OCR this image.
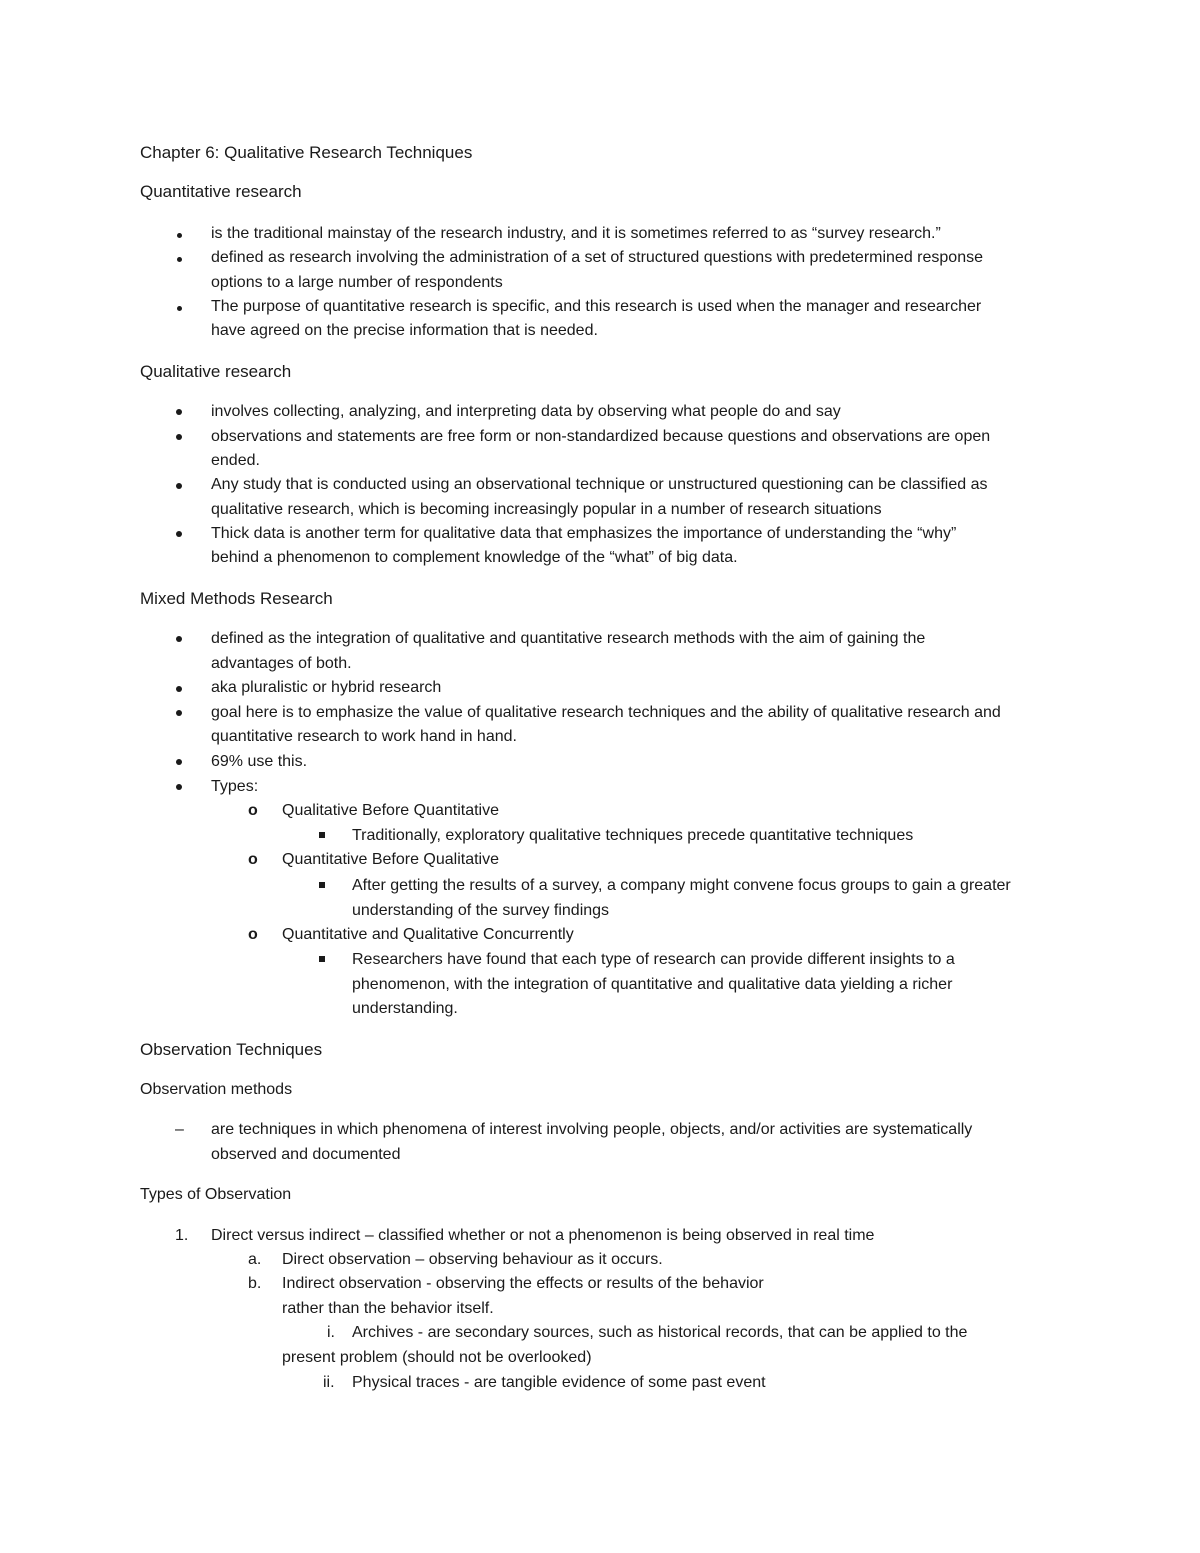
Chapter 6: Qualitative Research Techniques
Quantitative research
is the traditional mainstay of the research industry, and it is sometimes referred to as “survey research.”
defined as research involving the administration of a set of structured questions with predetermined response
options to a large number of respondents
The purpose of quantitative research is specific, and this research is used when the manager and researcher
have agreed on the precise information that is needed.
Qualitative research
involves collecting, analyzing, and interpreting data by observing what people do and say
observations and statements are free form or non-standardized because questions and observations are open
ended.
Any study that is conducted using an observational technique or unstructured questioning can be classified as
qualitative research, which is becoming increasingly popular in a number of research situations
Thick data is another term for qualitative data that emphasizes the importance of understanding the “why”
behind a phenomenon to complement knowledge of the “what” of big data.
Mixed Methods Research
defined as the integration of qualitative and quantitative research methods with the aim of gaining the
advantages of both.
aka pluralistic or hybrid research
goal here is to emphasize the value of qualitative research techniques and the ability of qualitative research and
quantitative research to work hand in hand.
69% use this.
Types:
o Qualitative Before Quantitative
Traditionally, exploratory qualitative techniques precede quantitative techniques
o Quantitative Before Qualitative
After getting the results of a survey, a company might convene focus groups to gain a greater
understanding of the survey findings
o Quantitative and Qualitative Concurrently
Researchers have found that each type of research can provide different insights to a
phenomenon, with the integration of quantitative and qualitative data yielding a richer
understanding.
Observation Techniques
Observation methods
– are techniques in which phenomena of interest involving people, objects, and/or activities are systematically
observed and documented
Types of Observation
1. Direct versus indirect – classified whether or not a phenomenon is being observed in real time
a. Direct observation – observing behaviour as it occurs.
b. Indirect observation - observing the effects or results of the behavior
rather than the behavior itself.
i. Archives - are secondary sources, such as historical records, that can be applied to the
present problem (should not be overlooked)
ii. Physical traces - are tangible evidence of some past event
